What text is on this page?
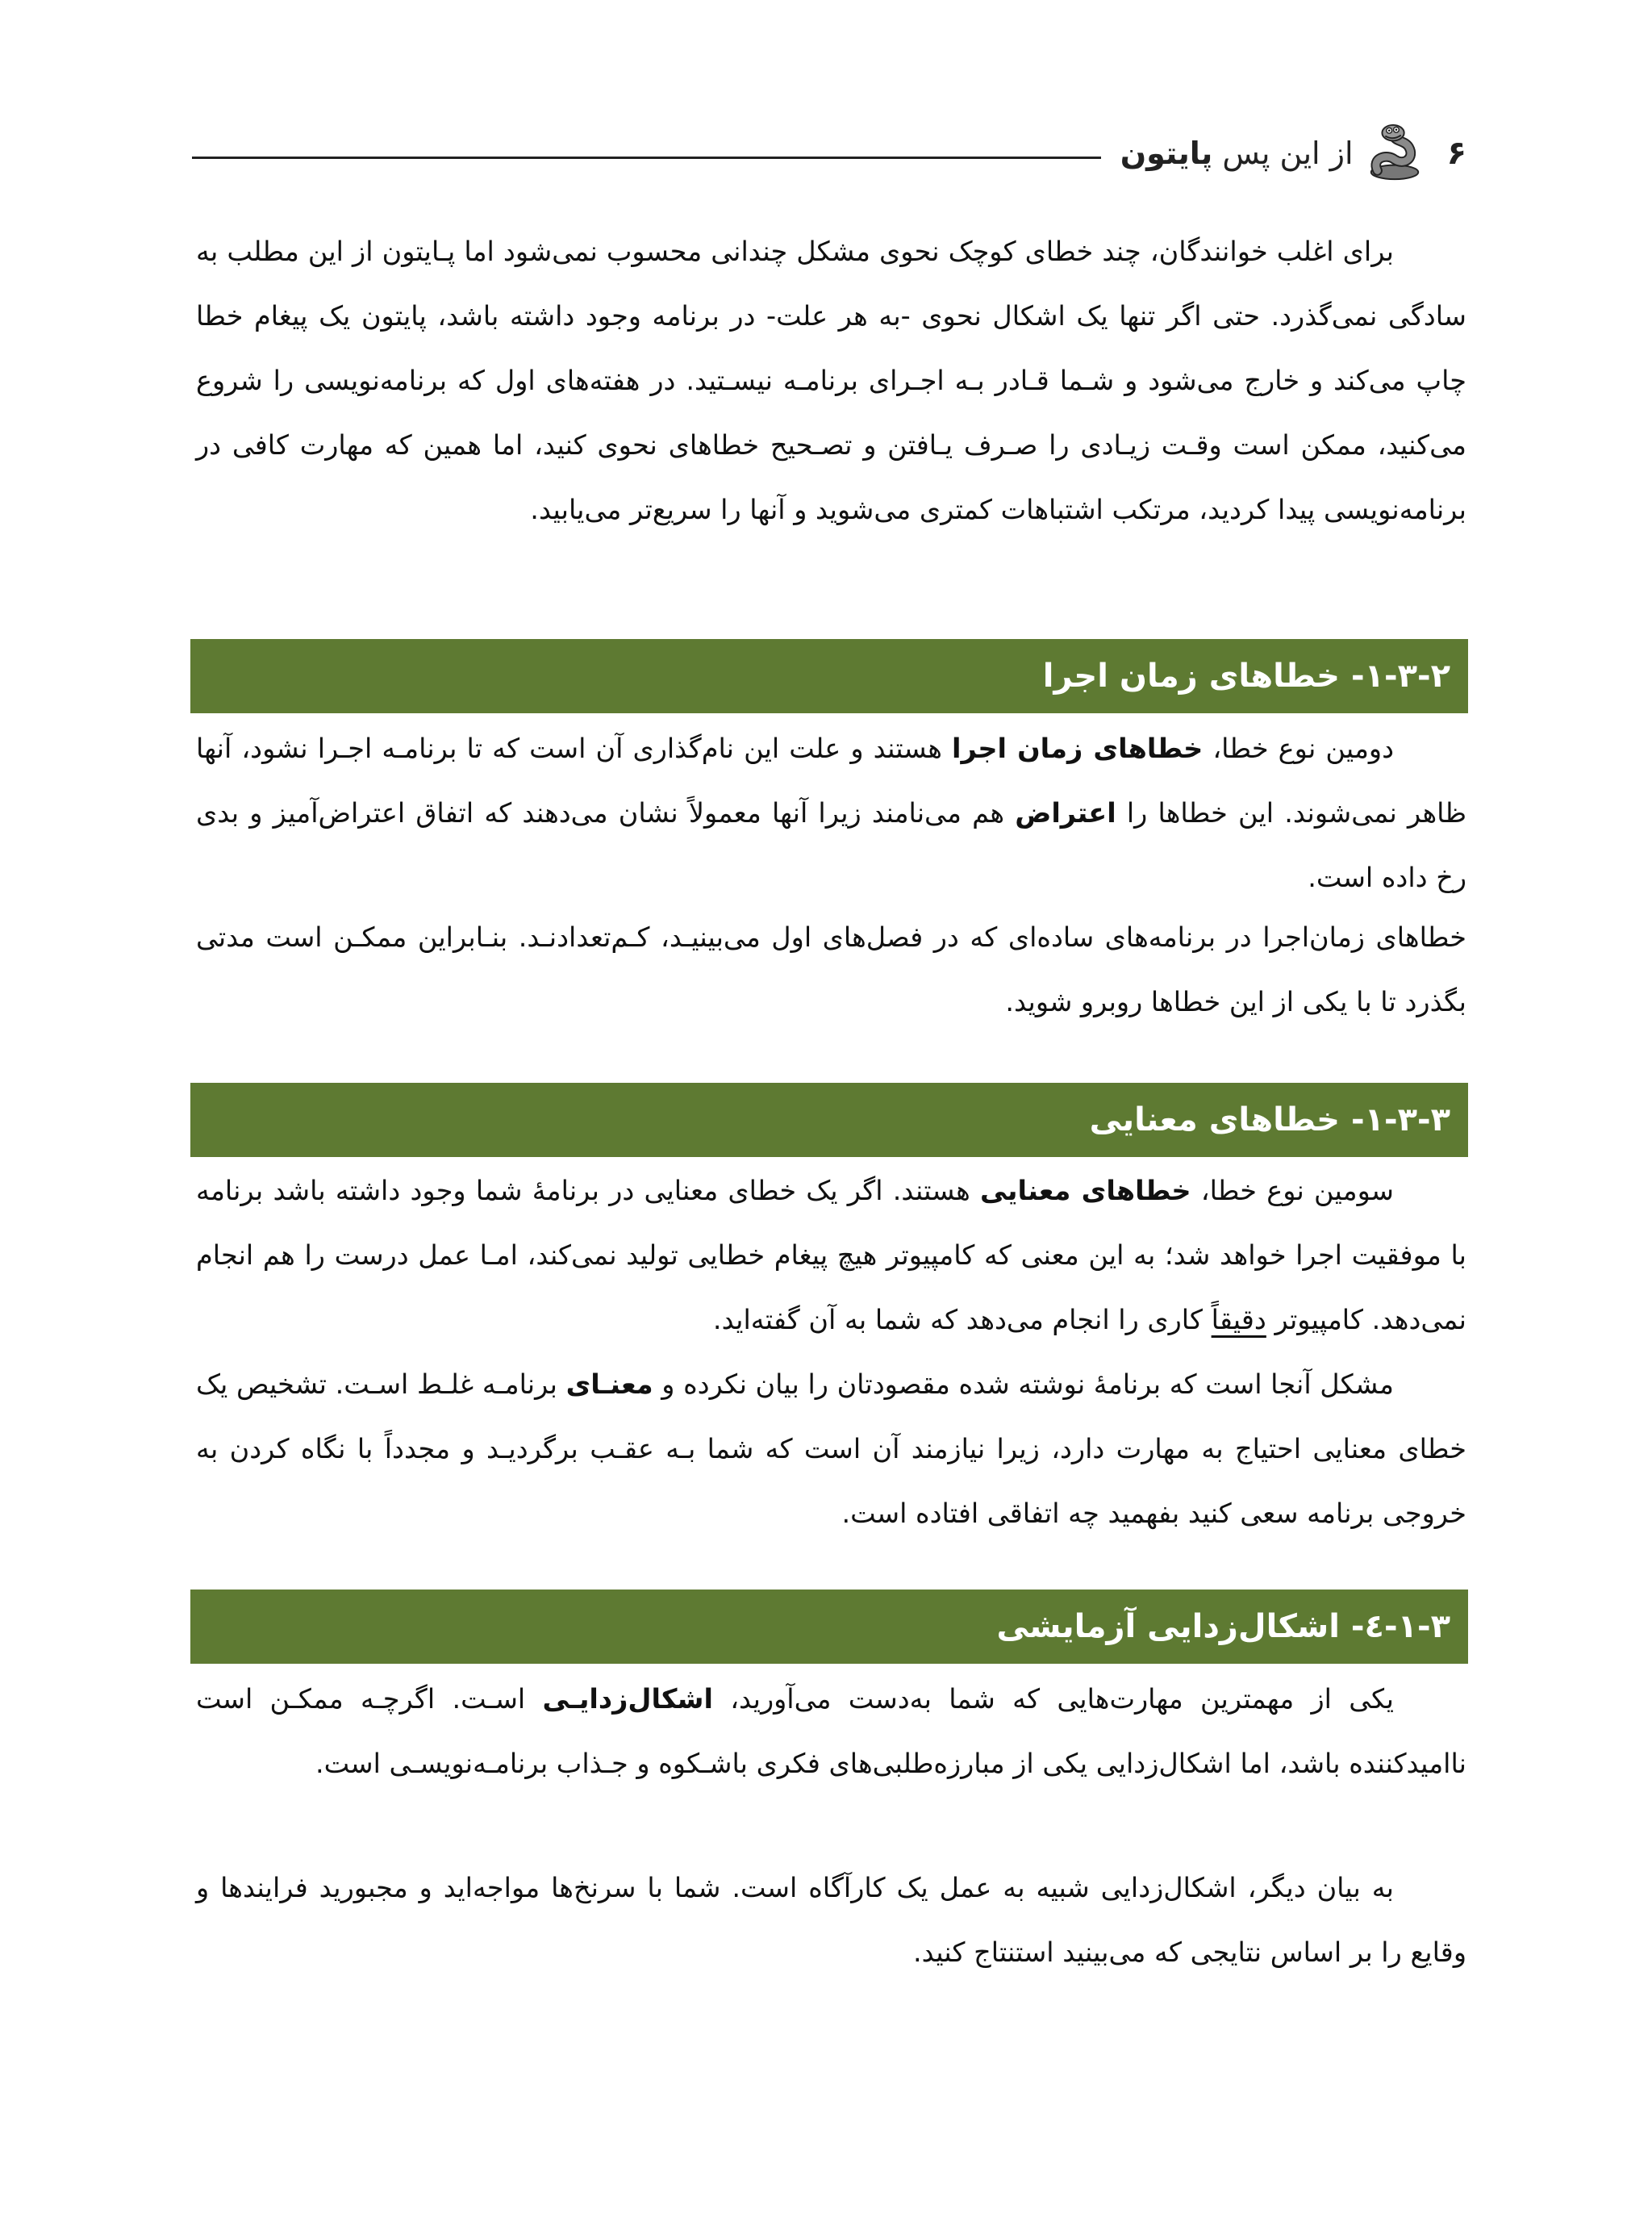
۶
از این پس پایتون

برای اغلب خوانندگان، چند خطای کوچک نحوی مشکل چندانی محسوب نمی‌شود اما پـایتون از این مطلب به سادگی نمی‌گذرد. حتی اگر تنها یک اشکال نحوی -به هر علت- در برنامه وجود داشته باشد، پایتون یک پیغام خطا چاپ می‌کند و خارج می‌شود و شـما قـادر بـه اجـرای برنامـه نیسـتید. در هفته‌های اول که برنامه‌نویسی را شروع می‌کنید، ممکن است وقـت زیـادی را صـرف یـافتن و تصـحیح خطاهای نحوی کنید، اما همین که مهارت کافی در برنامه‌نویسی پیدا کردید، مرتکب اشتباهات کمتری می‌شوید و آنها را سریع‌تر می‌یابید.

۱-۳-۲-
خطاهای زمان اجرا

دومین نوع خطا، خطاهای زمان اجرا هستند و علت این نام‌گذاری آن است که تا برنامـه اجـرا نشود، آنها ظاهر نمی‌شوند. این خطاها را اعتراض هم می‌نامند زیرا آنها معمولاً نشان می‌دهند که اتفاق اعتراض‌آمیز و بدی رخ داده است.

خطاهای زمان‌اجرا در برنامه‌های ساده‌ای که در فصل‌های اول می‌بینیـد، کـم‌تعدادنـد. بنـابراین ممکـن است مدتی بگذرد تا با یکی از این خطاها روبرو شوید.

۱-۳-۳-
خطاهای معنایی

سومین نوع خطا، خطاهای معنایی هستند. اگر یک خطای معنایی در برنامهٔ شما وجود داشته باشد برنامه با موفقیت اجرا خواهد شد؛ به این معنی که کامپیوتر هیچ پیغام خطایی تولید نمی‌کند، امـا عمل درست را هم انجام نمی‌دهد. کامپیوتر دقیقاً کاری را انجام می‌دهد که شما به آن گفته‌اید.

مشکل آنجا است که برنامهٔ نوشته شده مقصودتان را بیان نکرده و معنـای برنامـه غلـط اسـت. تشخیص یک خطای معنایی احتیاج به مهارت دارد، زیرا نیازمند آن است که شما بـه عقـب برگردیـد و مجدداً با نگاه کردن به خروجی برنامه سعی کنید بفهمید چه اتفاقی افتاده است.

۱-۳-٤-
اشکال‌زدایی آزمایشی

یکی از مهمترین مهارت‌هایی که شما به‌دست می‌آورید، اشکال‌زدایـی اسـت. اگرچـه ممکـن است ناامیدکننده باشد، اما اشکال‌زدایی یکی از مبارزه‌طلبی‌های فکری باشـکوه و جـذاب برنامـه‌نویسـی است.

به بیان دیگر، اشکال‌زدایی شبیه به عمل یک کارآگاه است. شما با سرنخ‌ها مواجه‌اید و مجبورید فرایندها و وقایع را بر اساس نتایجی که می‌بینید استنتاج کنید.
